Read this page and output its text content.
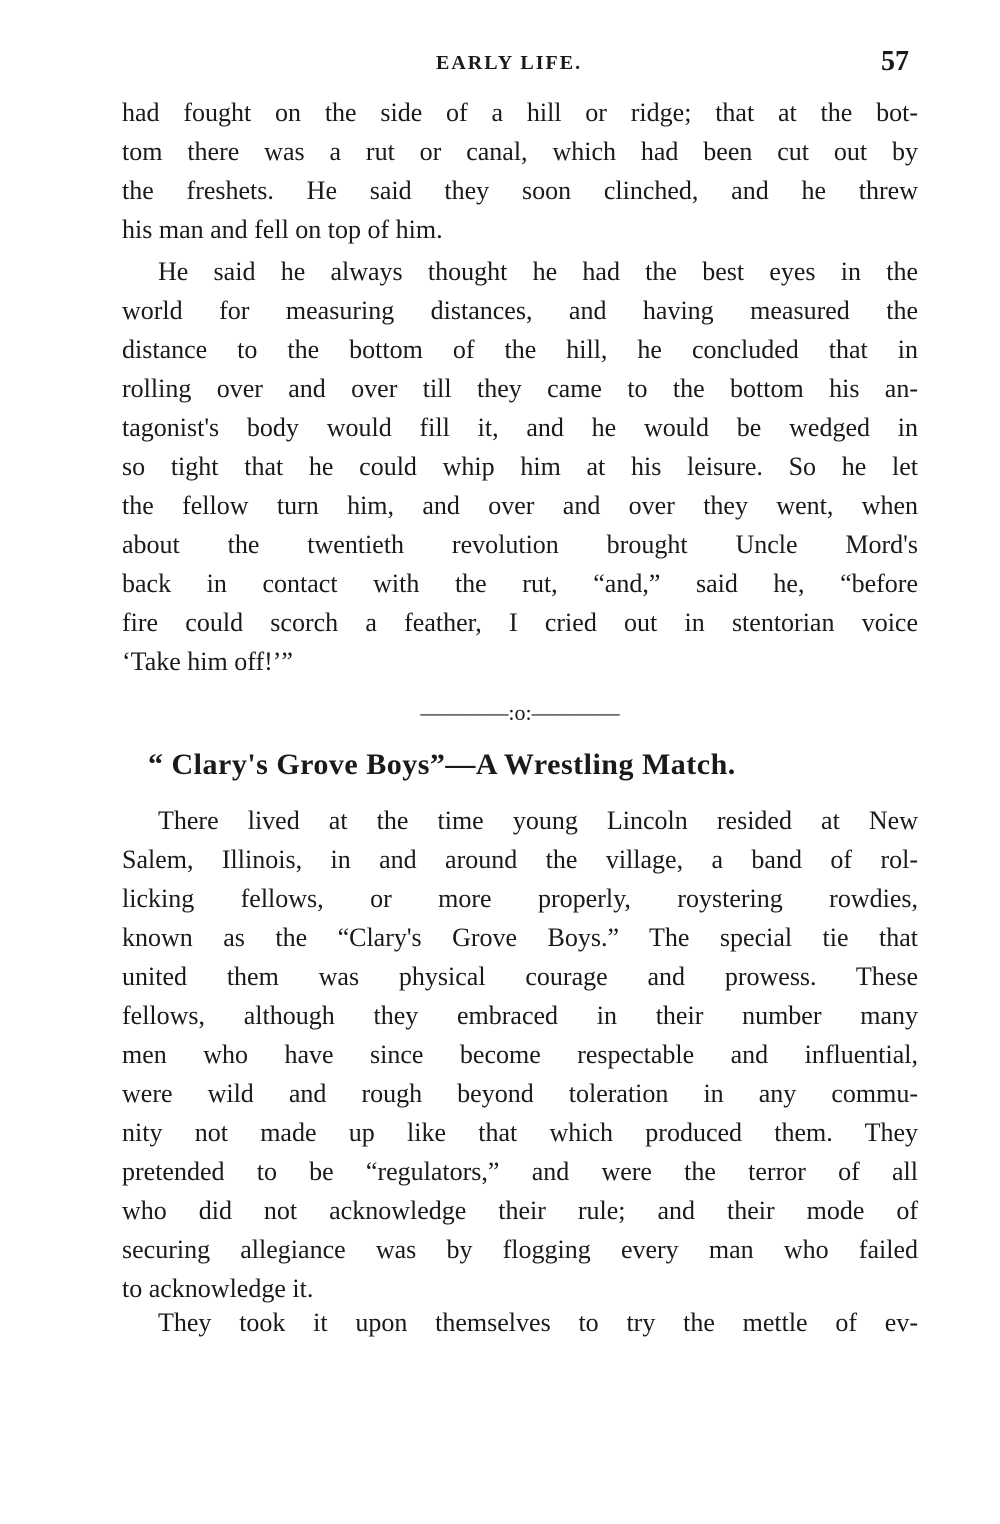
EARLY LIFE.	57
had fought on the side of a hill or ridge; that at the bot-
tom there was a rut or canal, which had been cut out by
the freshets. He said they soon clinched, and he threw
his man and fell on top of him.
He said he always thought he had the best eyes in the
world for measuring distances, and having measured the
distance to the bottom of the hill, he concluded that in
rolling over and over till they came to the bottom his an-
tagonist's body would fill it, and he would be wedged in
so tight that he could whip him at his leisure. So he let
the fellow turn him, and over and over they went, when
about the twentieth revolution brought Uncle Mord's
back in contact with the rut, “and,” said he, “before
fire could scorch a feather, I cried out in stentorian voice
‘Take him off!’”
————:o:————
“ Clary's Grove Boys”—A Wrestling Match.
There lived at the time young Lincoln resided at New
Salem, Illinois, in and around the village, a band of rol-
licking fellows, or more properly, roystering rowdies,
known as the “Clary's Grove Boys.” The special tie that
united them was physical courage and prowess. These
fellows, although they embraced in their number many
men who have since become respectable and influential,
were wild and rough beyond toleration in any commu-
nity not made up like that which produced them. They
pretended to be “regulators,” and were the terror of all
who did not acknowledge their rule; and their mode of
securing allegiance was by flogging every man who failed
to acknowledge it.
They took it upon themselves to try the mettle of ev-
